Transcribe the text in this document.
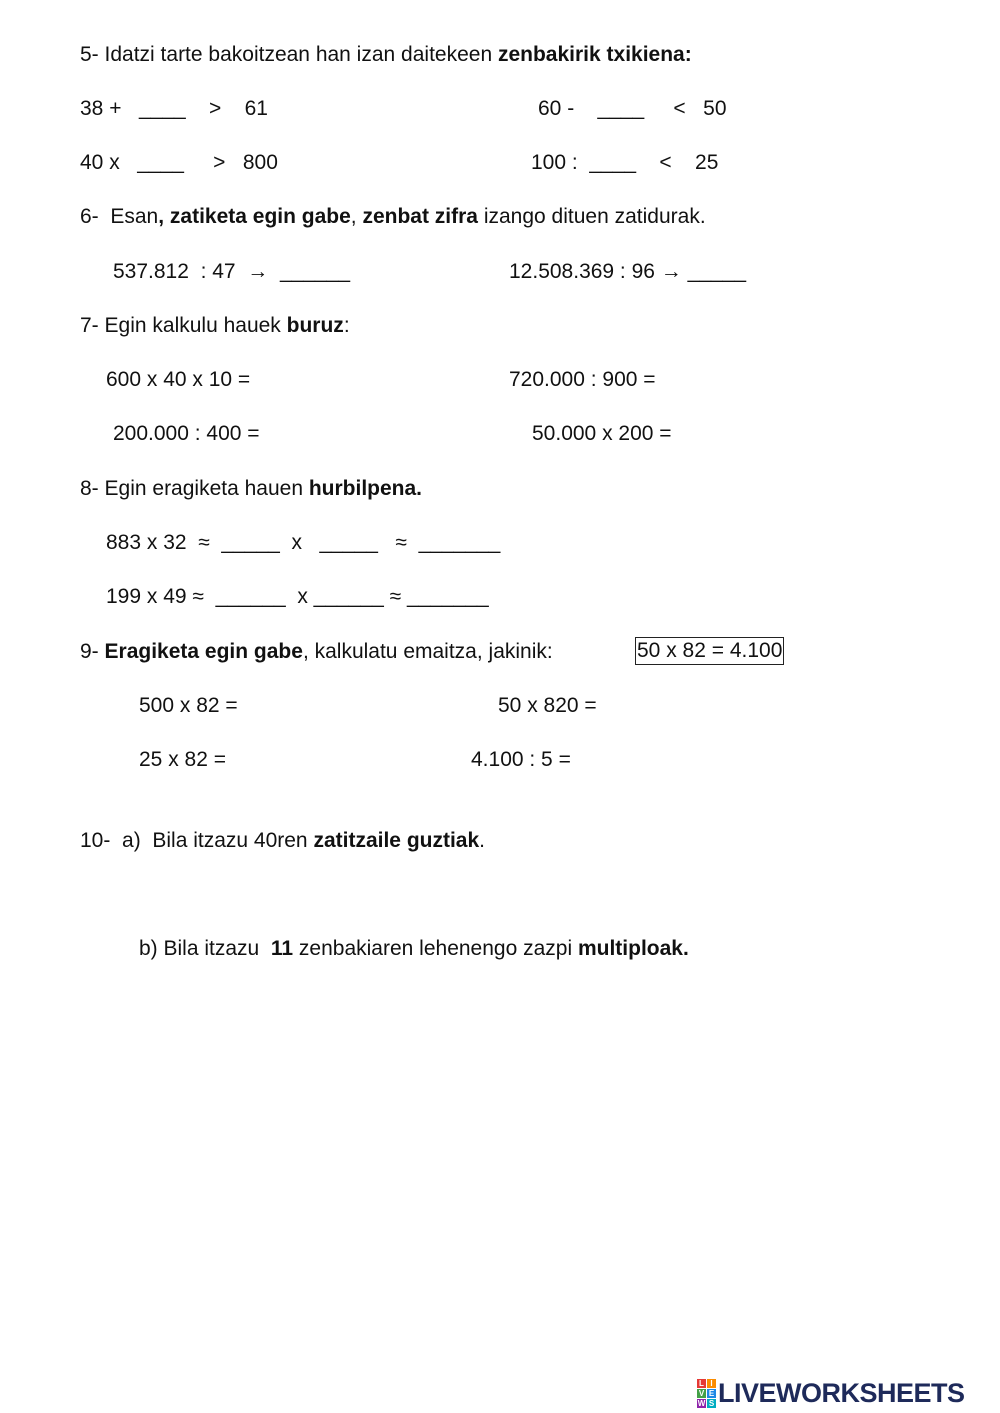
5- Idatzi tarte bakoitzean han izan daitekeen zenbakirik txikiena:
38 +   ____    >    61	60 -    ____     <   50
40 x   ____     >   800	100 :  ____    <    25
6-  Esan, zatiketa egin gabe, zenbat zifra izango dituen zatidurak.
537.812  : 47  →  ______	12.508.369 : 96 → _____
7- Egin kalkulu hauek buruz:
600 x 40 x 10 =	720.000 : 900 =
200.000 : 400 =	50.000 x 200 =
8- Egin eragiketa hauen hurbilpena.
883 x 32  ≈  _____  x   _____   ≈  _______
199 x 49 ≈  ______  x ______ ≈ _______
9- Eragiketa egin gabe, kalkulatu emaitza, jakinik:	50 x 82 = 4.100
500 x 82 =	50 x 820 =
25 x 82 =	4.100 : 5 =
10-  a)  Bila itzazu 40ren zatitzaile guztiak.
b) Bila itzazu  11 zenbakiaren lehenengo zazpi multiploak.
L I
V E
W S LIVEWORKSHEETS
